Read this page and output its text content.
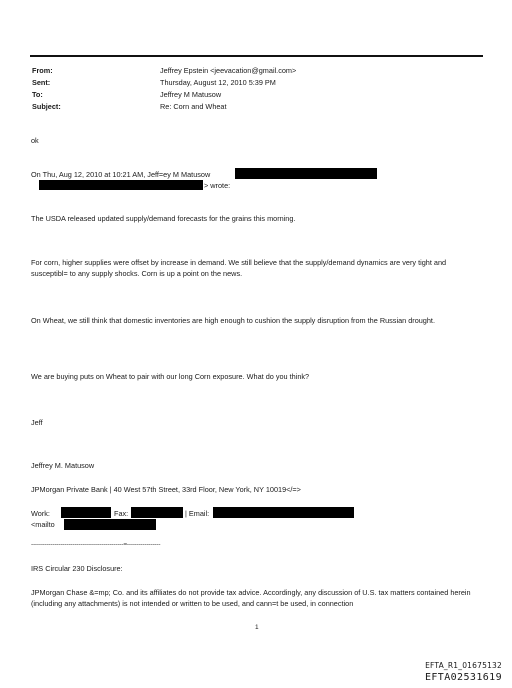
From:	Jeffrey Epstein <jeevacation@gmail.com>
Sent:	Thursday, August 12, 2010 5:39 PM
To:	Jeffrey M Matusow
Subject:	Re: Corn and Wheat
ok
On Thu, Aug 12, 2010 at 10:21 AM, Jeff=ey M Matusow
> wrote:
The USDA released updated supply/demand forecasts for the grains this morning.
For corn, higher supplies were offset by increase in demand. We still believe that the supply/demand dynamics are very tight and susceptibl= to any supply shocks. Corn is up a point on the news.
On Wheat, we still think that domestic inventories are high enough to cushion the supply disruption from the Russian drought.
We are buying puts on Wheat to pair with our long Corn exposure. What do you think?
Jeff
Jeffrey M. Matusow
JPMorgan Private Bank | 40 West 57th Street, 33rd Floor, New York, NY 10019</=>
Work:	Fax:	| Email:
<mailto
-----------------------------------------------=-----------------
IRS Circular 230 Disclosure:
JPMorgan Chase &=mp; Co. and its affiliates do not provide tax advice. Accordingly, any discussion of U.S. tax matters contained herein (including any attachments) is not intended or written to be used, and cann=t be used, in connection
1
EFTA_R1_01675132
EFTA02531619
